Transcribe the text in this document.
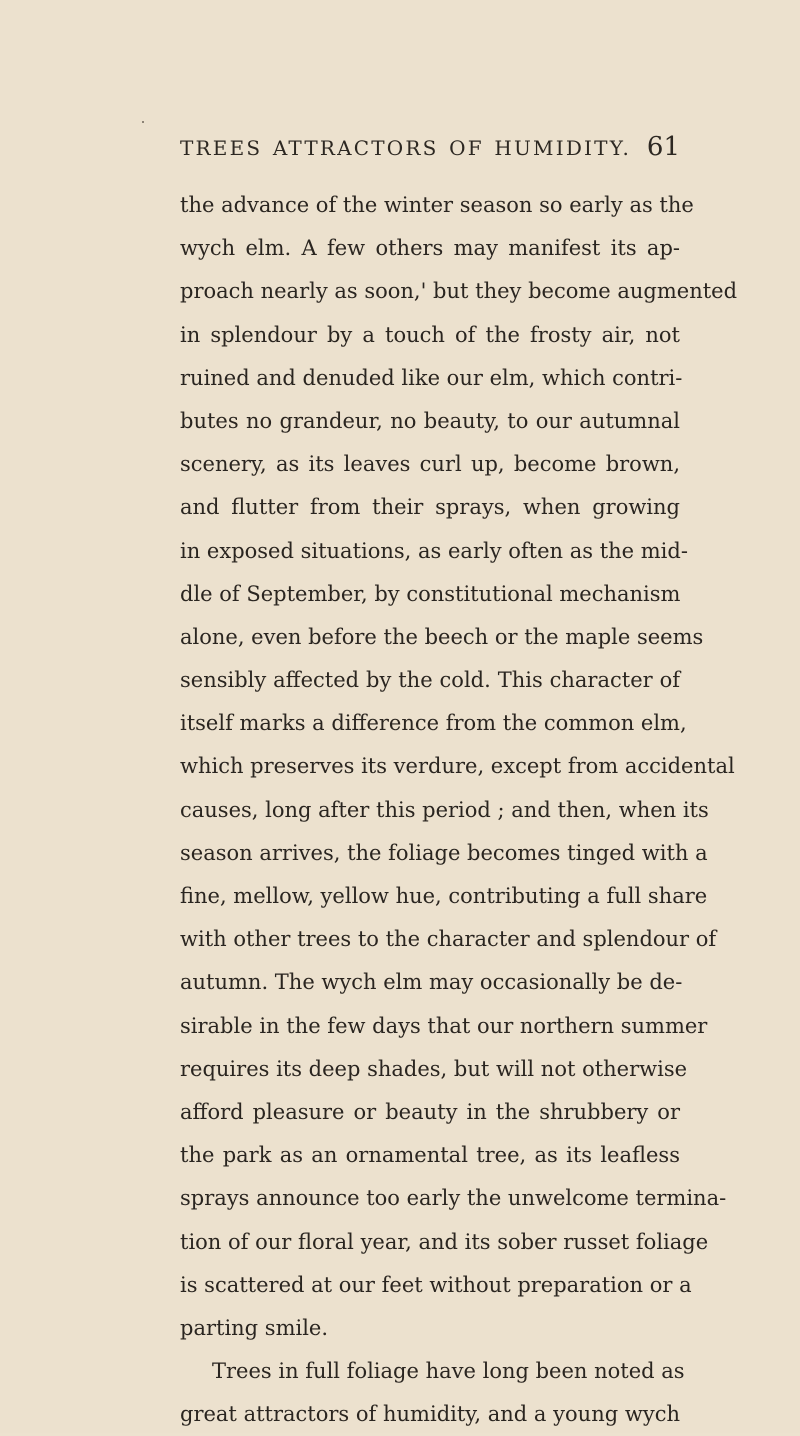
TREES ATTRACTORS OF HUMIDITY. 61
the advance of the winter season so early as the
wych elm. A few others may manifest its ap-
proach nearly as soon,' but they become augmented
in splendour by a touch of the frosty air, not
ruined and denuded like our elm, which contri-
butes no grandeur, no beauty, to our autumnal
scenery, as its leaves curl up, become brown,
and flutter from their sprays, when growing
in exposed situations, as early often as the mid-
dle of September, by constitutional mechanism
alone, even before the beech or the maple seems
sensibly affected by the cold. This character of
itself marks a difference from the common elm,
which preserves its verdure, except from accidental
causes, long after this period ; and then, when its
season arrives, the foliage becomes tinged with a
fine, mellow, yellow hue, contributing a full share
with other trees to the character and splendour of
autumn. The wych elm may occasionally be de-
sirable in the few days that our northern summer
requires its deep shades, but will not otherwise
afford pleasure or beauty in the shrubbery or
the park as an ornamental tree, as its leafless
sprays announce too early the unwelcome termina-
tion of our floral year, and its sober russet foliage
is scattered at our feet without preparation or a
parting smile.
Trees in full foliage have long been noted as
great attractors of humidity, and a young wych
